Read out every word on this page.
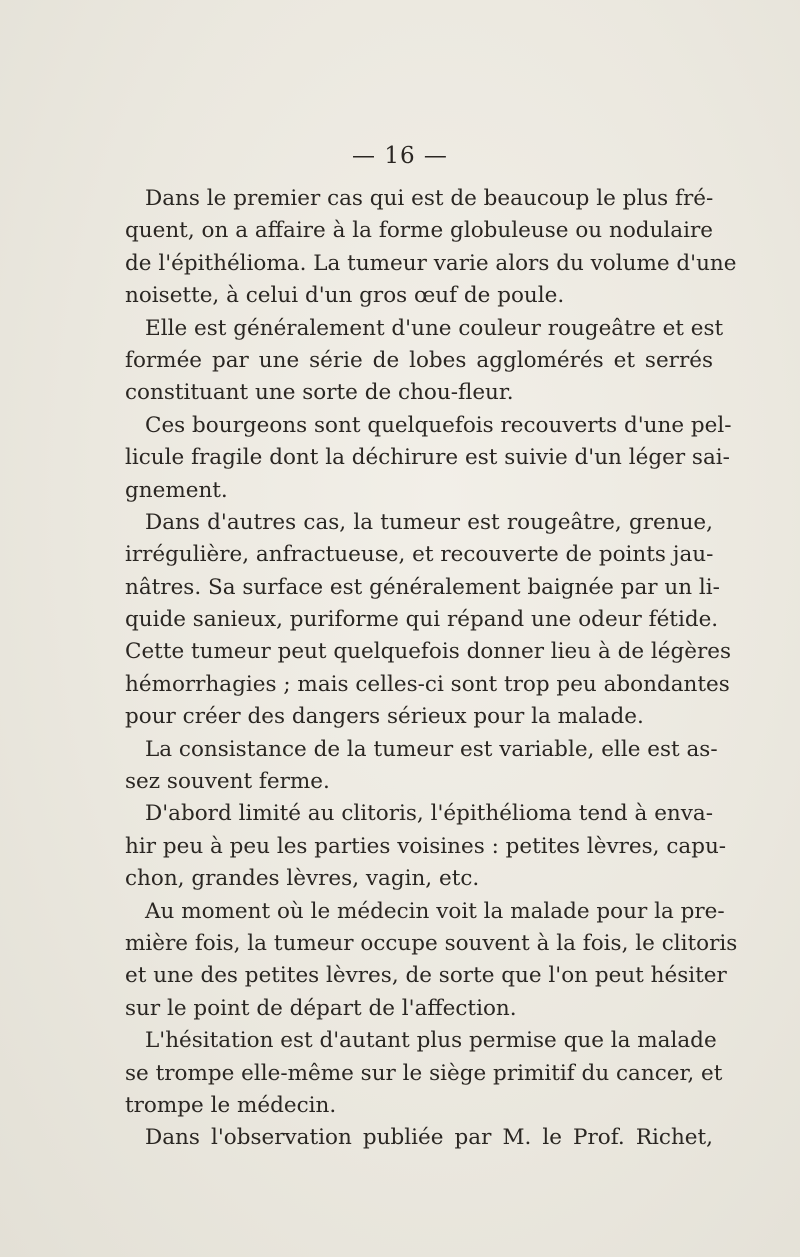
— 16 —

Dans le premier cas qui est de beaucoup le plus fré-
quent, on a affaire à la forme globuleuse ou nodulaire
de l'épithélioma. La tumeur varie alors du volume d'une
noisette, à celui d'un gros œuf de poule.
Elle est généralement d'une couleur rougeâtre et est
formée par une série de lobes agglomérés et serrés
constituant une sorte de chou-fleur.
Ces bourgeons sont quelquefois recouverts d'une pel-
licule fragile dont la déchirure est suivie d'un léger sai-
gnement.
Dans d'autres cas, la tumeur est rougeâtre, grenue,
irrégulière, anfractueuse, et recouverte de points jau-
nâtres. Sa surface est généralement baignée par un li-
quide sanieux, puriforme qui répand une odeur fétide.
Cette tumeur peut quelquefois donner lieu à de légères
hémorrhagies ; mais celles-ci sont trop peu abondantes
pour créer des dangers sérieux pour la malade.
La consistance de la tumeur est variable, elle est as-
sez souvent ferme.
D'abord limité au clitoris, l'épithélioma tend à enva-
hir peu à peu les parties voisines : petites lèvres, capu-
chon, grandes lèvres, vagin, etc.
Au moment où le médecin voit la malade pour la pre-
mière fois, la tumeur occupe souvent à la fois, le clitoris
et une des petites lèvres, de sorte que l'on peut hésiter
sur le point de départ de l'affection.
L'hésitation est d'autant plus permise que la malade
se trompe elle-même sur le siège primitif du cancer, et
trompe le médecin.
Dans l'observation publiée par M. le Prof. Richet,
